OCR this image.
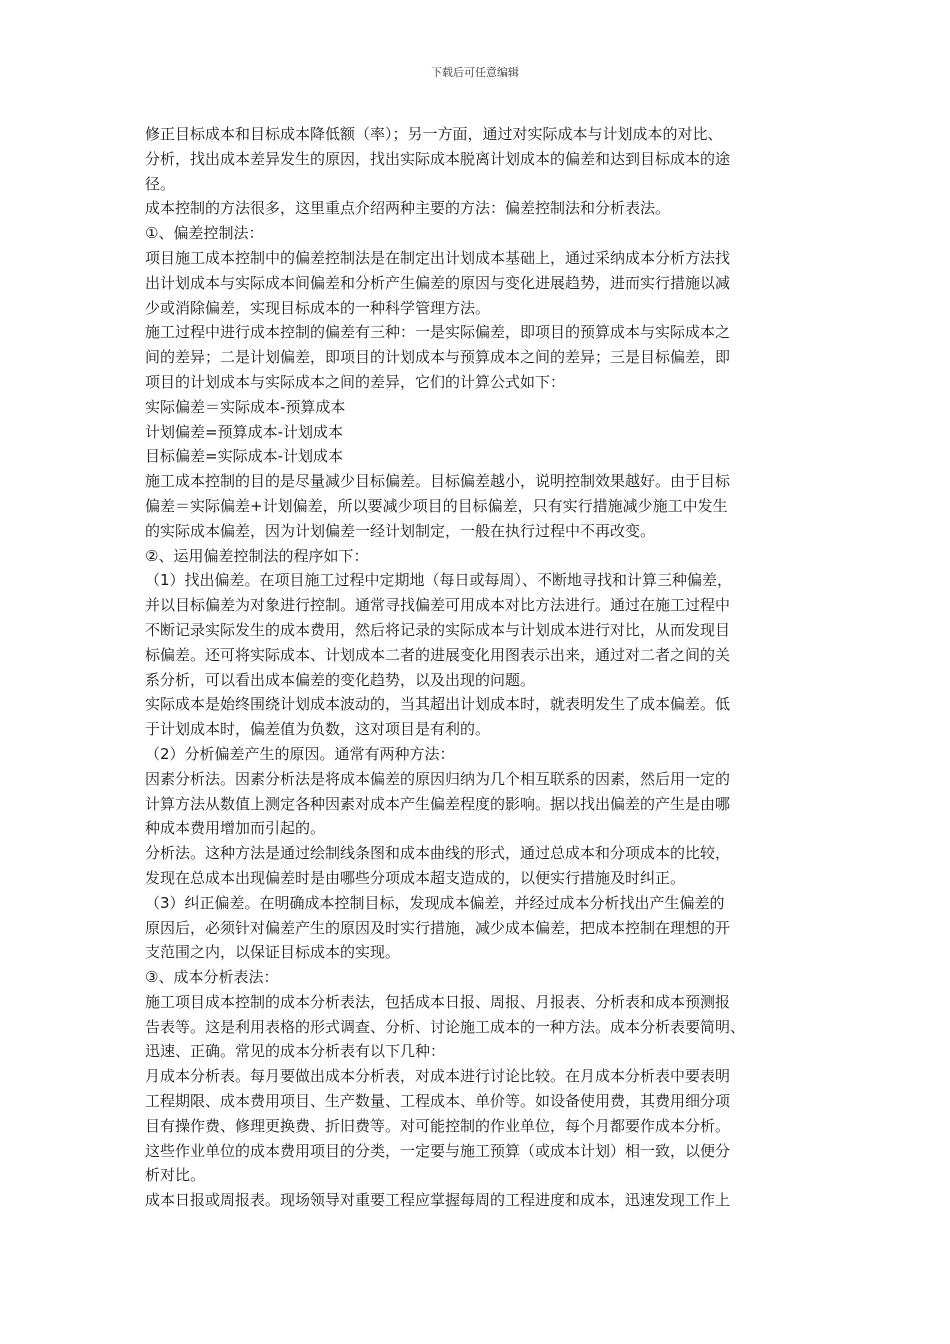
下载后可任意编辑
修正目标成本和目标成本降低额（率）；另一方面，通过对实际成本与计划成本的对比、
分析，找出成本差异发生的原因，找出实际成本脱离计划成本的偏差和达到目标成本的途
径。
成本控制的方法很多，这里重点介绍两种主要的方法：偏差控制法和分析表法。
①、偏差控制法：
项目施工成本控制中的偏差控制法是在制定出计划成本基础上，通过采纳成本分析方法找
出计划成本与实际成本间偏差和分析产生偏差的原因与变化进展趋势，进而实行措施以减
少或消除偏差，实现目标成本的一种科学管理方法。
施工过程中进行成本控制的偏差有三种：一是实际偏差，即项目的预算成本与实际成本之
间的差异；二是计划偏差，即项目的计划成本与预算成本之间的差异；三是目标偏差，即
项目的计划成本与实际成本之间的差异，它们的计算公式如下：
实际偏差＝实际成本-预算成本
计划偏差=预算成本-计划成本
目标偏差=实际成本-计划成本
施工成本控制的目的是尽量减少目标偏差。目标偏差越小，说明控制效果越好。由于目标
偏差＝实际偏差+计划偏差，所以要减少项目的目标偏差，只有实行措施减少施工中发生
的实际成本偏差，因为计划偏差一经计划制定，一般在执行过程中不再改变。
②、运用偏差控制法的程序如下：
（1）找出偏差。在项目施工过程中定期地（每日或每周）、不断地寻找和计算三种偏差，
并以目标偏差为对象进行控制。通常寻找偏差可用成本对比方法进行。通过在施工过程中
不断记录实际发生的成本费用，然后将记录的实际成本与计划成本进行对比，从而发现目
标偏差。还可将实际成本、计划成本二者的进展变化用图表示出来，通过对二者之间的关
系分析，可以看出成本偏差的变化趋势，以及出现的问题。
实际成本是始终围绕计划成本波动的，当其超出计划成本时，就表明发生了成本偏差。低
于计划成本时，偏差值为负数，这对项目是有利的。
（2）分析偏差产生的原因。通常有两种方法：
因素分析法。因素分析法是将成本偏差的原因归纳为几个相互联系的因素，然后用一定的
计算方法从数值上测定各种因素对成本产生偏差程度的影响。据以找出偏差的产生是由哪
种成本费用增加而引起的。
分析法。这种方法是通过绘制线条图和成本曲线的形式，通过总成本和分项成本的比较，
发现在总成本出现偏差时是由哪些分项成本超支造成的，以便实行措施及时纠正。
（3）纠正偏差。在明确成本控制目标，发现成本偏差，并经过成本分析找出产生偏差的
原因后，必须针对偏差产生的原因及时实行措施，减少成本偏差，把成本控制在理想的开
支范围之内，以保证目标成本的实现。
③、成本分析表法：
施工项目成本控制的成本分析表法，包括成本日报、周报、月报表、分析表和成本预测报
告表等。这是利用表格的形式调查、分析、讨论施工成本的一种方法。成本分析表要简明、
迅速、正确。常见的成本分析表有以下几种：
月成本分析表。每月要做出成本分析表，对成本进行讨论比较。在月成本分析表中要表明
工程期限、成本费用项目、生产数量、工程成本、单价等。如设备使用费，其费用细分项
目有操作费、修理更换费、折旧费等。对可能控制的作业单位，每个月都要作成本分析。
这些作业单位的成本费用项目的分类，一定要与施工预算（或成本计划）相一致，以便分
析对比。
成本日报或周报表。现场领导对重要工程应掌握每周的工程进度和成本，迅速发现工作上
